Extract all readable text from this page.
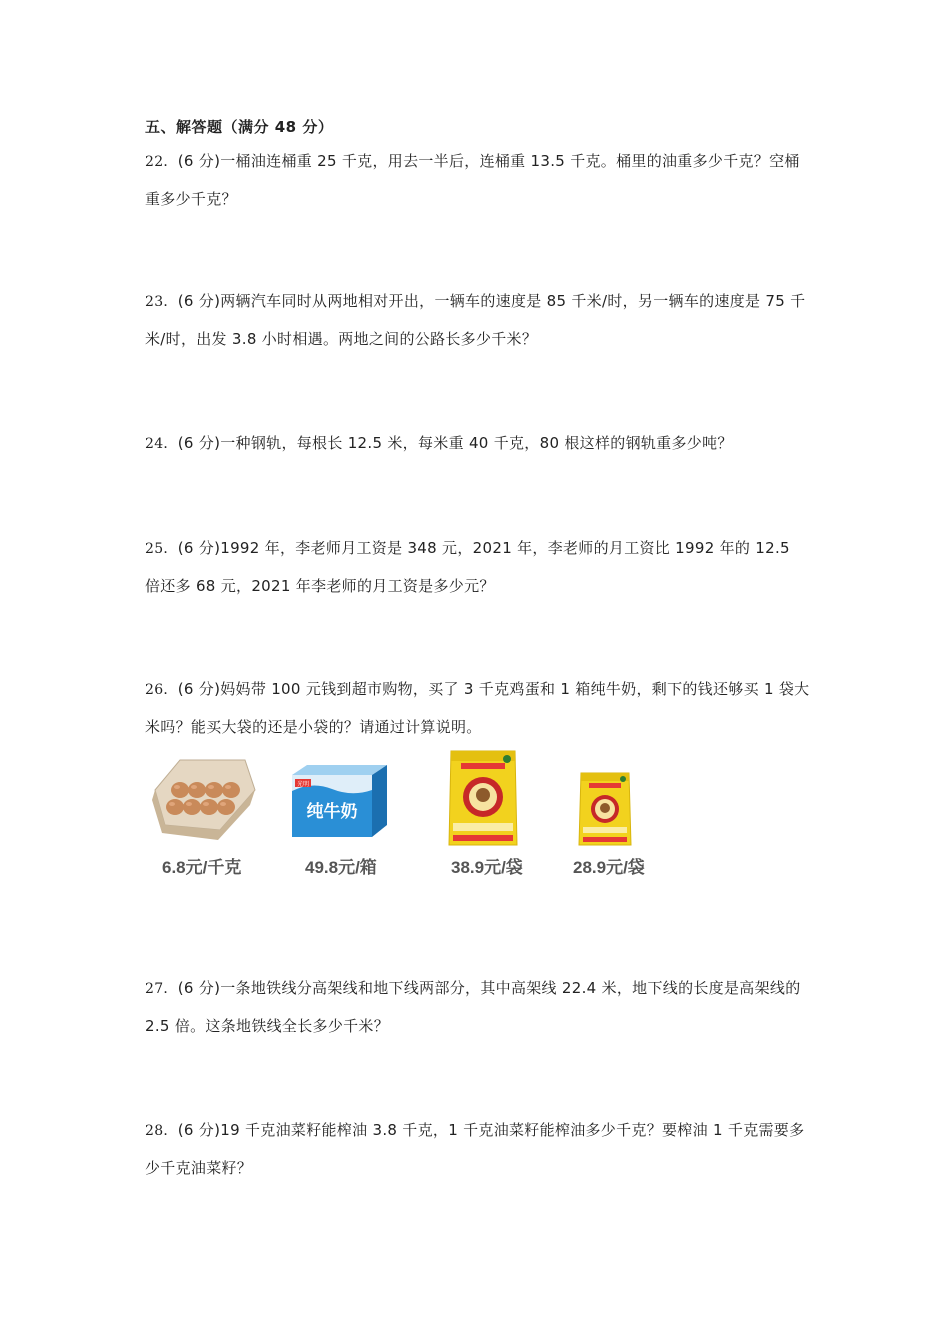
五、解答题（满分 48 分）
22．(6 分)一桶油连桶重 25 千克，用去一半后，连桶重 13.5 千克。桶里的油重多少千克？空桶重多少千克？
23．(6 分)两辆汽车同时从两地相对开出，一辆车的速度是 85 千米/时，另一辆车的速度是 75 千米/时，出发 3.8 小时相遇。两地之间的公路长多少千米？
24．(6 分)一种钢轨，每根长 12.5 米，每米重 40 千克，80 根这样的钢轨重多少吨？
25．(6 分)1992 年，李老师月工资是 348 元，2021 年，李老师的月工资比 1992 年的 12.5 倍还多 68 元，2021 年李老师的月工资是多少元？
26．(6 分)妈妈带 100 元钱到超市购物，买了 3 千克鸡蛋和 1 箱纯牛奶，剩下的钱还够买 1 袋大米吗？能买大袋的还是小袋的？请通过计算说明。
6.8元/千克
光明
纯牛奶
49.8元/箱	38.9元/袋	28.9元/袋
27．(6 分)一条地铁线分高架线和地下线两部分，其中高架线 22.4 米，地下线的长度是高架线的 2.5 倍。这条地铁线全长多少千米？
28．(6 分)19 千克油菜籽能榨油 3.8 千克，1 千克油菜籽能榨油多少千克？要榨油 1 千克需要多少千克油菜籽？
